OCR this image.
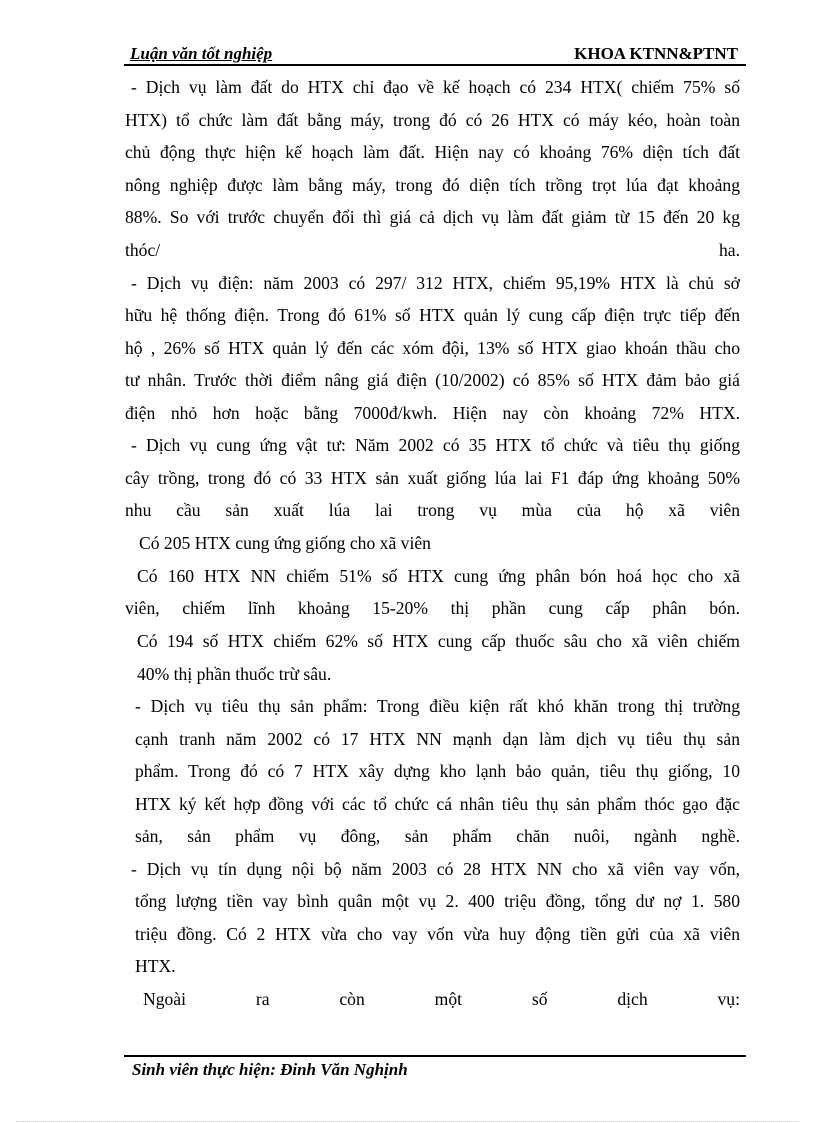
Luận văn tốt nghiệp	KHOA KTNN&PTNT
- Dịch vụ làm đất do HTX chỉ đạo về kế hoạch có 234 HTX( chiếm 75% số
HTX) tổ chức làm đất bằng máy, trong đó có 26 HTX có máy kéo, hoàn toàn
chủ động thực hiện kế hoạch làm đất. Hiện nay có khoảng 76% diện tích đất
nông nghiệp được làm bằng máy, trong đó diện tích trồng trọt lúa đạt khoảng
88%. So với trước chuyển đổi thì giá cả dịch vụ làm đất giảm từ 15 đến 20 kg
thóc/ ha.
- Dịch vụ điện: năm 2003 có 297/ 312 HTX, chiếm 95,19% HTX là chủ sở
hữu hệ thống điện. Trong đó 61% số HTX quản lý cung cấp điện trực tiếp đến
hộ , 26% số HTX quản lý đến các xóm đội, 13% số HTX giao khoán thầu cho
tư nhân. Trước thời điểm nâng giá điện (10/2002) có 85% số HTX đảm bảo giá
điện nhỏ hơn hoặc bằng 7000đ/kwh. Hiện nay còn khoảng 72% HTX.
- Dịch vụ cung ứng vật tư: Năm 2002 có 35 HTX tổ chức và tiêu thụ giống
cây trồng, trong đó có 33 HTX sản xuất giống lúa lai F1 đáp ứng khoảng 50%
nhu cầu sản xuất lúa lai trong vụ mùa của hộ xã viên
Có 205 HTX cung ứng giống cho xã viên
Có 160 HTX NN chiếm 51% số HTX cung ứng phân bón hoá học cho xã
viên, chiếm lĩnh khoảng 15-20% thị phần cung cấp phân bón.
Có 194 số HTX chiếm 62% số HTX cung cấp thuốc sâu cho xã viên chiếm
40% thị phần thuốc trừ sâu.
- Dịch vụ tiêu thụ sản phẩm: Trong điều kiện rất khó khăn trong thị trường
cạnh tranh năm 2002 có 17 HTX NN mạnh dạn làm dịch vụ tiêu thụ sản
phẩm. Trong đó có 7 HTX xây dựng kho lạnh bảo quản, tiêu thụ giống, 10
HTX ký kết hợp đồng với các tổ chức cá nhân tiêu thụ sản phẩm thóc gạo đặc
sản, sản phẩm vụ đông, sản phẩm chăn nuôi, ngành nghề.
- Dịch vụ tín dụng nội bộ năm 2003 có 28 HTX NN cho xã viên vay vốn,
tổng lượng tiền vay bình quân một vụ 2. 400 triệu đồng, tổng dư nợ 1. 580
triệu đồng. Có 2 HTX vừa cho vay vốn vừa huy động tiền gửi của xã viên
HTX.
Ngoài ra còn một số dịch vụ:
Sinh viên thực hiện: Đinh Văn Nghịnh
